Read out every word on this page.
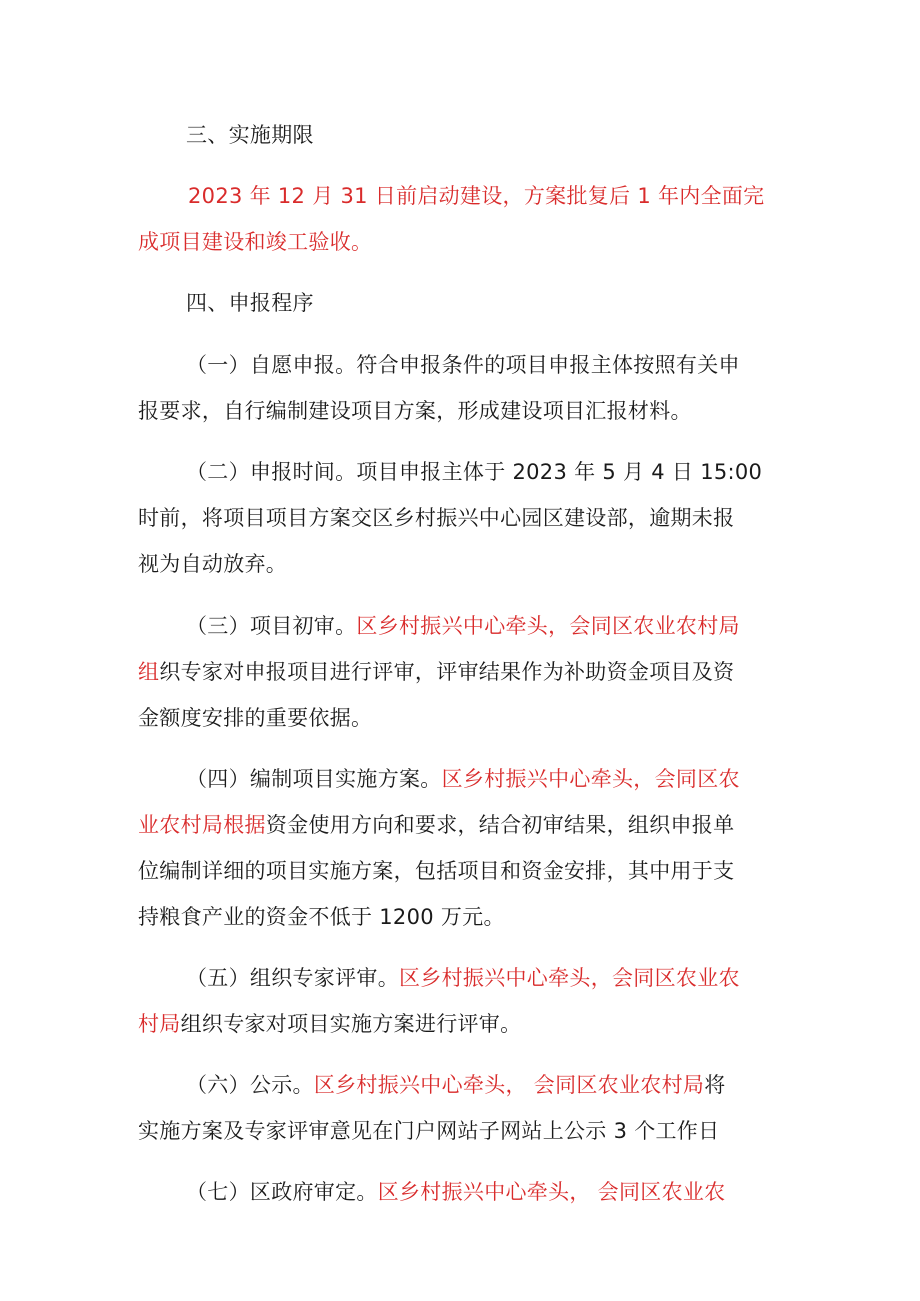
三、实施期限
2023 年 12 月 31 日前启动建设，方案批复后 1 年内全面完
成项目建设和竣工验收。
四、申报程序
（一）自愿申报。符合申报条件的项目申报主体按照有关申
报要求，自行编制建设项目方案，形成建设项目汇报材料。
（二）申报时间。项目申报主体于 2023 年 5 月 4 日 15:00
时前，将项目项目方案交区乡村振兴中心园区建设部，逾期未报
视为自动放弃。
（三）项目初审。区乡村振兴中心牵头，会同区农业农村局
组织专家对申报项目进行评审，评审结果作为补助资金项目及资
金额度安排的重要依据。
（四）编制项目实施方案。区乡村振兴中心牵头，会同区农
业农村局根据资金使用方向和要求，结合初审结果，组织申报单
位编制详细的项目实施方案，包括项目和资金安排，其中用于支
持粮食产业的资金不低于 1200 万元。
（五）组织专家评审。区乡村振兴中心牵头，会同区农业农
村局组织专家对项目实施方案进行评审。
（六）公示。区乡村振兴中心牵头， 会同区农业农村局将
实施方案及专家评审意见在门户网站子网站上公示 3 个工作日
（七）区政府审定。区乡村振兴中心牵头， 会同区农业农
